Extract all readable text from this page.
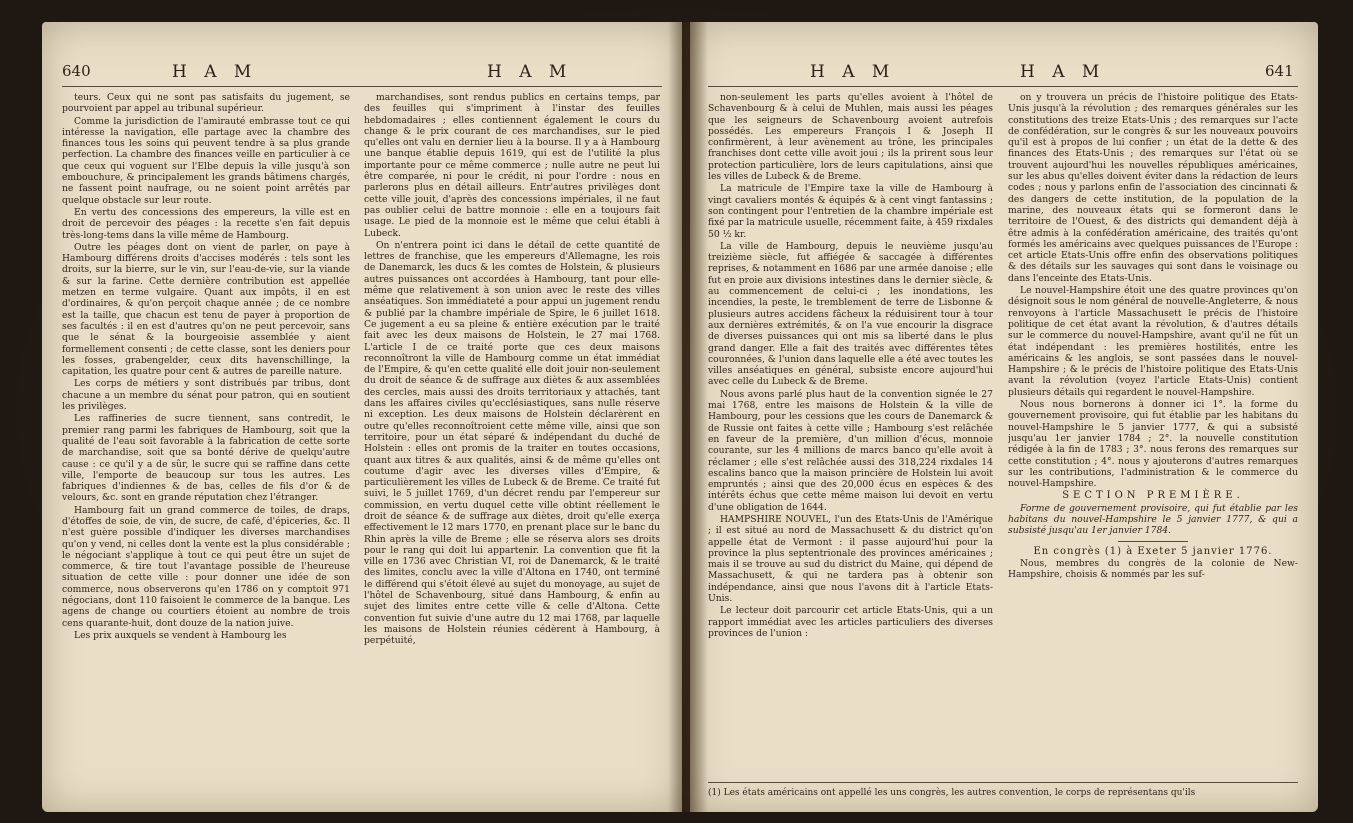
640	H A M	H A M

teurs. Ceux qui ne sont pas satisfaits du jugement, se pourvoient par appel au tribunal supérieur.

Comme la jurisdiction de l'amirauté embrasse tout ce qui intéresse la navigation, elle partage avec la chambre des finances tous les soins qui peuvent tendre à sa plus grande perfection. La chambre des finances veille en particulier à ce que ceux qui voguent sur l'Elbe depuis la ville jusqu'à son embouchure, & principalement les grands bâtimens chargés, ne fassent point naufrage, ou ne soient point arrêtés par quelque obstacle sur leur route.

En vertu des concessions des empereurs, la ville est en droit de percevoir des péages : la recette s'en fait depuis très-long-tems dans la ville même de Hambourg.

Outre les péages dont on vient de parler, on paye à Hambourg différens droits d'accises modérés : tels sont les droits, sur la bierre, sur le vin, sur l'eau-de-vie, sur la viande & sur la farine. Cette dernière contribution est appellée metzen en terme vulgaire. Quant aux impôts, il en est d'ordinaires, & qu'on perçoit chaque année ; de ce nombre est la taille, que chacun est tenu de payer à proportion de ses facultés : il en est d'autres qu'on ne peut percevoir, sans que le sénat & la bourgeoisie assemblée y aient formellement consenti ; de cette classe, sont les deniers pour les fosses, grabengelder, ceux dits havenschillinge, la capitation, les quatre pour cent & autres de pareille nature.

Les corps de métiers y sont distribués par tribus, dont chacune a un membre du sénat pour patron, qui en soutient les privilèges.

Les raffineries de sucre tiennent, sans contredit, le premier rang parmi les fabriques de Hambourg, soit que la qualité de l'eau soit favorable à la fabrication de cette sorte de marchandise, soit que sa bonté dérive de quelqu'autre cause : ce qu'il y a de sûr, le sucre qui se raffine dans cette ville, l'emporte de beaucoup sur tous les autres. Les fabriques d'indiennes & de bas, celles de fils d'or & de velours, &c. sont en grande réputation chez l'étranger.

Hambourg fait un grand commerce de toiles, de draps, d'étoffes de soie, de vin, de sucre, de café, d'épiceries, &c. Il n'est guère possible d'indiquer les diverses marchandises qu'on y vend, ni celles dont la vente est la plus considérable ; le négociant s'applique à tout ce qui peut être un sujet de commerce, & tire tout l'avantage possible de l'heureuse situation de cette ville : pour donner une idée de son commerce, nous observerons qu'en 1786 on y comptoit 971 négocians, dont 110 faisoient le commerce de la banque. Les agens de change ou courtiers étoient au nombre de trois cens quarante-huit, dont douze de la nation juive.

Les prix auxquels se vendent à Hambourg les

marchandises, sont rendus publics en certains temps, par des feuilles qui s'impriment à l'instar des feuilles hebdomadaires ; elles contiennent également le cours du change & le prix courant de ces marchandises, sur le pied qu'elles ont valu en dernier lieu à la bourse. Il y a à Hambourg une banque établie depuis 1619, qui est de l'utilité la plus importante pour ce même commerce ; nulle autre ne peut lui être comparée, ni pour le crédit, ni pour l'ordre : nous en parlerons plus en détail ailleurs. Entr'autres privilèges dont cette ville jouit, d'après des concessions impériales, il ne faut pas oublier celui de battre monnoie : elle en a toujours fait usage. Le pied de la monnoie est le même que celui établi à Lubeck.

On n'entrera point ici dans le détail de cette quantité de lettres de franchise, que les empereurs d'Allemagne, les rois de Danemarck, les ducs & les comtes de Holstein, & plusieurs autres puissances ont accordées à Hambourg, tant pour elle-même que relativement à son union avec le reste des villes anséatiques. Son immédiateté a pour appui un jugement rendu & publié par la chambre impériale de Spire, le 6 juillet 1618. Ce jugement a eu sa pleine & entière exécution par le traité fait avec les deux maisons de Holstein, le 27 mai 1768. L'article I de ce traité porte que ces deux maisons reconnoîtront la ville de Hambourg comme un état immédiat de l'Empire, & qu'en cette qualité elle doit jouir non-seulement du droit de séance & de suffrage aux diètes & aux assemblées des cercles, mais aussi des droits territoriaux y attachés, tant dans les affaires civiles qu'ecclésiastiques, sans nulle réserve ni exception. Les deux maisons de Holstein déclarèrent en outre qu'elles reconnoîtroient cette même ville, ainsi que son territoire, pour un état séparé & indépendant du duché de Holstein : elles ont promis de la traiter en toutes occasions, quant aux titres & aux qualités, ainsi & de même qu'elles ont coutume d'agir avec les diverses villes d'Empire, & particulièrement les villes de Lubeck & de Breme. Ce traité fut suivi, le 5 juillet 1769, d'un décret rendu par l'empereur sur commission, en vertu duquel cette ville obtint réellement le droit de séance & de suffrage aux diètes, droit qu'elle exerça effectivement le 12 mars 1770, en prenant place sur le banc du Rhin après la ville de Breme ; elle se réserva alors ses droits pour le rang qui doit lui appartenir. La convention que fit la ville en 1736 avec Christian VI, roi de Danemarck, & le traité des limites, conclu avec la ville d'Altona en 1740, ont terminé le différend qui s'étoit élevé au sujet du monoyage, au sujet de l'hôtel de Schavenbourg, situé dans Hambourg, & enfin au sujet des limites entre cette ville & celle d'Altona. Cette convention fut suivie d'une autre du 12 mai 1768, par laquelle les maisons de Holstein réunies cédèrent à Hambourg, à perpétuité,

H A M	H A M	641

non-seulement les parts qu'elles avoient à l'hôtel de Schavenbourg & à celui de Muhlen, mais aussi les péages que les seigneurs de Schavenbourg avoient autrefois possédés. Les empereurs François I & Joseph II confirmèrent, à leur avènement au trône, les principales franchises dont cette ville avoit joui ; ils la prirent sous leur protection particulière, lors de leurs capitulations, ainsi que les villes de Lubeck & de Breme.

La matricule de l'Empire taxe la ville de Hambourg à vingt cavaliers montés & équipés & à cent vingt fantassins ; son contingent pour l'entretien de la chambre impériale est fixé par la matricule usuelle, récemment faite, à 459 rixdales 50 ½ kr.

La ville de Hambourg, depuis le neuvième jusqu'au treizième siècle, fut affiégée & saccagée à différentes reprises, & notamment en 1686 par une armée danoise ; elle fut en proie aux divisions intestines dans le dernier siècle, & au commencement de celui-ci ; les inondations, les incendies, la peste, le tremblement de terre de Lisbonne & plusieurs autres accidens fâcheux la réduisirent tour à tour aux dernières extrémités, & on l'a vue encourir la disgrace de diverses puissances qui ont mis sa liberté dans le plus grand danger. Elle a fait des traités avec différentes têtes couronnées, & l'union dans laquelle elle a été avec toutes les villes anséatiques en général, subsiste encore aujourd'hui avec celle du Lubeck & de Breme.

Nous avons parlé plus haut de la convention signée le 27 mai 1768, entre les maisons de Holstein & la ville de Hambourg, pour les cessions que les cours de Danemarck & de Russie ont faites à cette ville ; Hambourg s'est relâchée en faveur de la première, d'un million d'écus, monnoie courante, sur les 4 millions de marcs banco qu'elle avoit à réclamer ; elle s'est relâchée aussi des 318,224 rixdales 14 escalins banco que la maison princière de Holstein lui avoit empruntés ; ainsi que des 20,000 écus en espèces & des intérêts échus que cette même maison lui devoit en vertu d'une obligation de 1644.

HAMPSHIRE NOUVEL, l'un des Etats-Unis de l'Amérique ; il est situé au nord de Massachusett & du district qu'on appelle état de Vermont : il passe aujourd'hui pour la province la plus septentrionale des provinces américaines ; mais il se trouve au sud du district du Maine, qui dépend de Massachusett, & qui ne tardera pas à obtenir son indépendance, ainsi que nous l'avons dit à l'article Etats-Unis.

Le lecteur doit parcourir cet article Etats-Unis, qui a un rapport immédiat avec les articles particuliers des diverses provinces de l'union :

on y trouvera un précis de l'histoire politique des Etats-Unis jusqu'à la révolution ; des remarques générales sur les constitutions des treize Etats-Unis ; des remarques sur l'acte de confédération, sur le congrès & sur les nouveaux pouvoirs qu'il est à propos de lui confier ; un état de la dette & des finances des Etats-Unis ; des remarques sur l'état où se trouvent aujourd'hui les nouvelles républiques américaines, sur les abus qu'elles doivent éviter dans la rédaction de leurs codes ; nous y parlons enfin de l'association des cincinnati & des dangers de cette institution, de la population de la marine, des nouveaux états qui se formeront dans le territoire de l'Ouest, & des districts qui demandent déjà à être admis à la confédération américaine, des traités qu'ont formés les américains avec quelques puissances de l'Europe : cet article Etats-Unis offre enfin des observations politiques & des détails sur les sauvages qui sont dans le voisinage ou dans l'enceinte des Etats-Unis.

Le nouvel-Hampshire étoit une des quatre provinces qu'on désignoit sous le nom général de nouvelle-Angleterre, & nous renvoyons à l'article Massachusett le précis de l'histoire politique de cet état avant la révolution, & d'autres détails sur le commerce du nouvel-Hampshire, avant qu'il ne fût un état indépendant : les premières hostilités, entre les américains & les anglois, se sont passées dans le nouvel-Hampshire ; & le précis de l'histoire politique des Etats-Unis avant la révolution (voyez l'article Etats-Unis) contient plusieurs détails qui regardent le nouvel-Hampshire.

Nous nous bornerons à donner ici 1°. la forme du gouvernement provisoire, qui fut établie par les habitans du nouvel-Hampshire le 5 janvier 1777, & qui a subsisté jusqu'au 1er janvier 1784 ; 2°. la nouvelle constitution rédigée à la fin de 1783 ; 3°. nous ferons des remarques sur cette constitution ; 4°. nous y ajouterons d'autres remarques sur les contributions, l'administration & le commerce du nouvel-Hampshire.

SECTION PREMIÈRE.

Forme de gouvernement provisoire, qui fut établie par les habitans du nouvel-Hampshire le 5 janvier 1777, & qui a subsisté jusqu'au 1er janvier 1784.

En congrès (1) à Exeter 5 janvier 1776.

Nous, membres du congrès de la colonie de New-Hampshire, choisis & nommés par les suf-

(1) Les états américains ont appellé les uns congrès, les autres convention, le corps de représentans qu'ils
